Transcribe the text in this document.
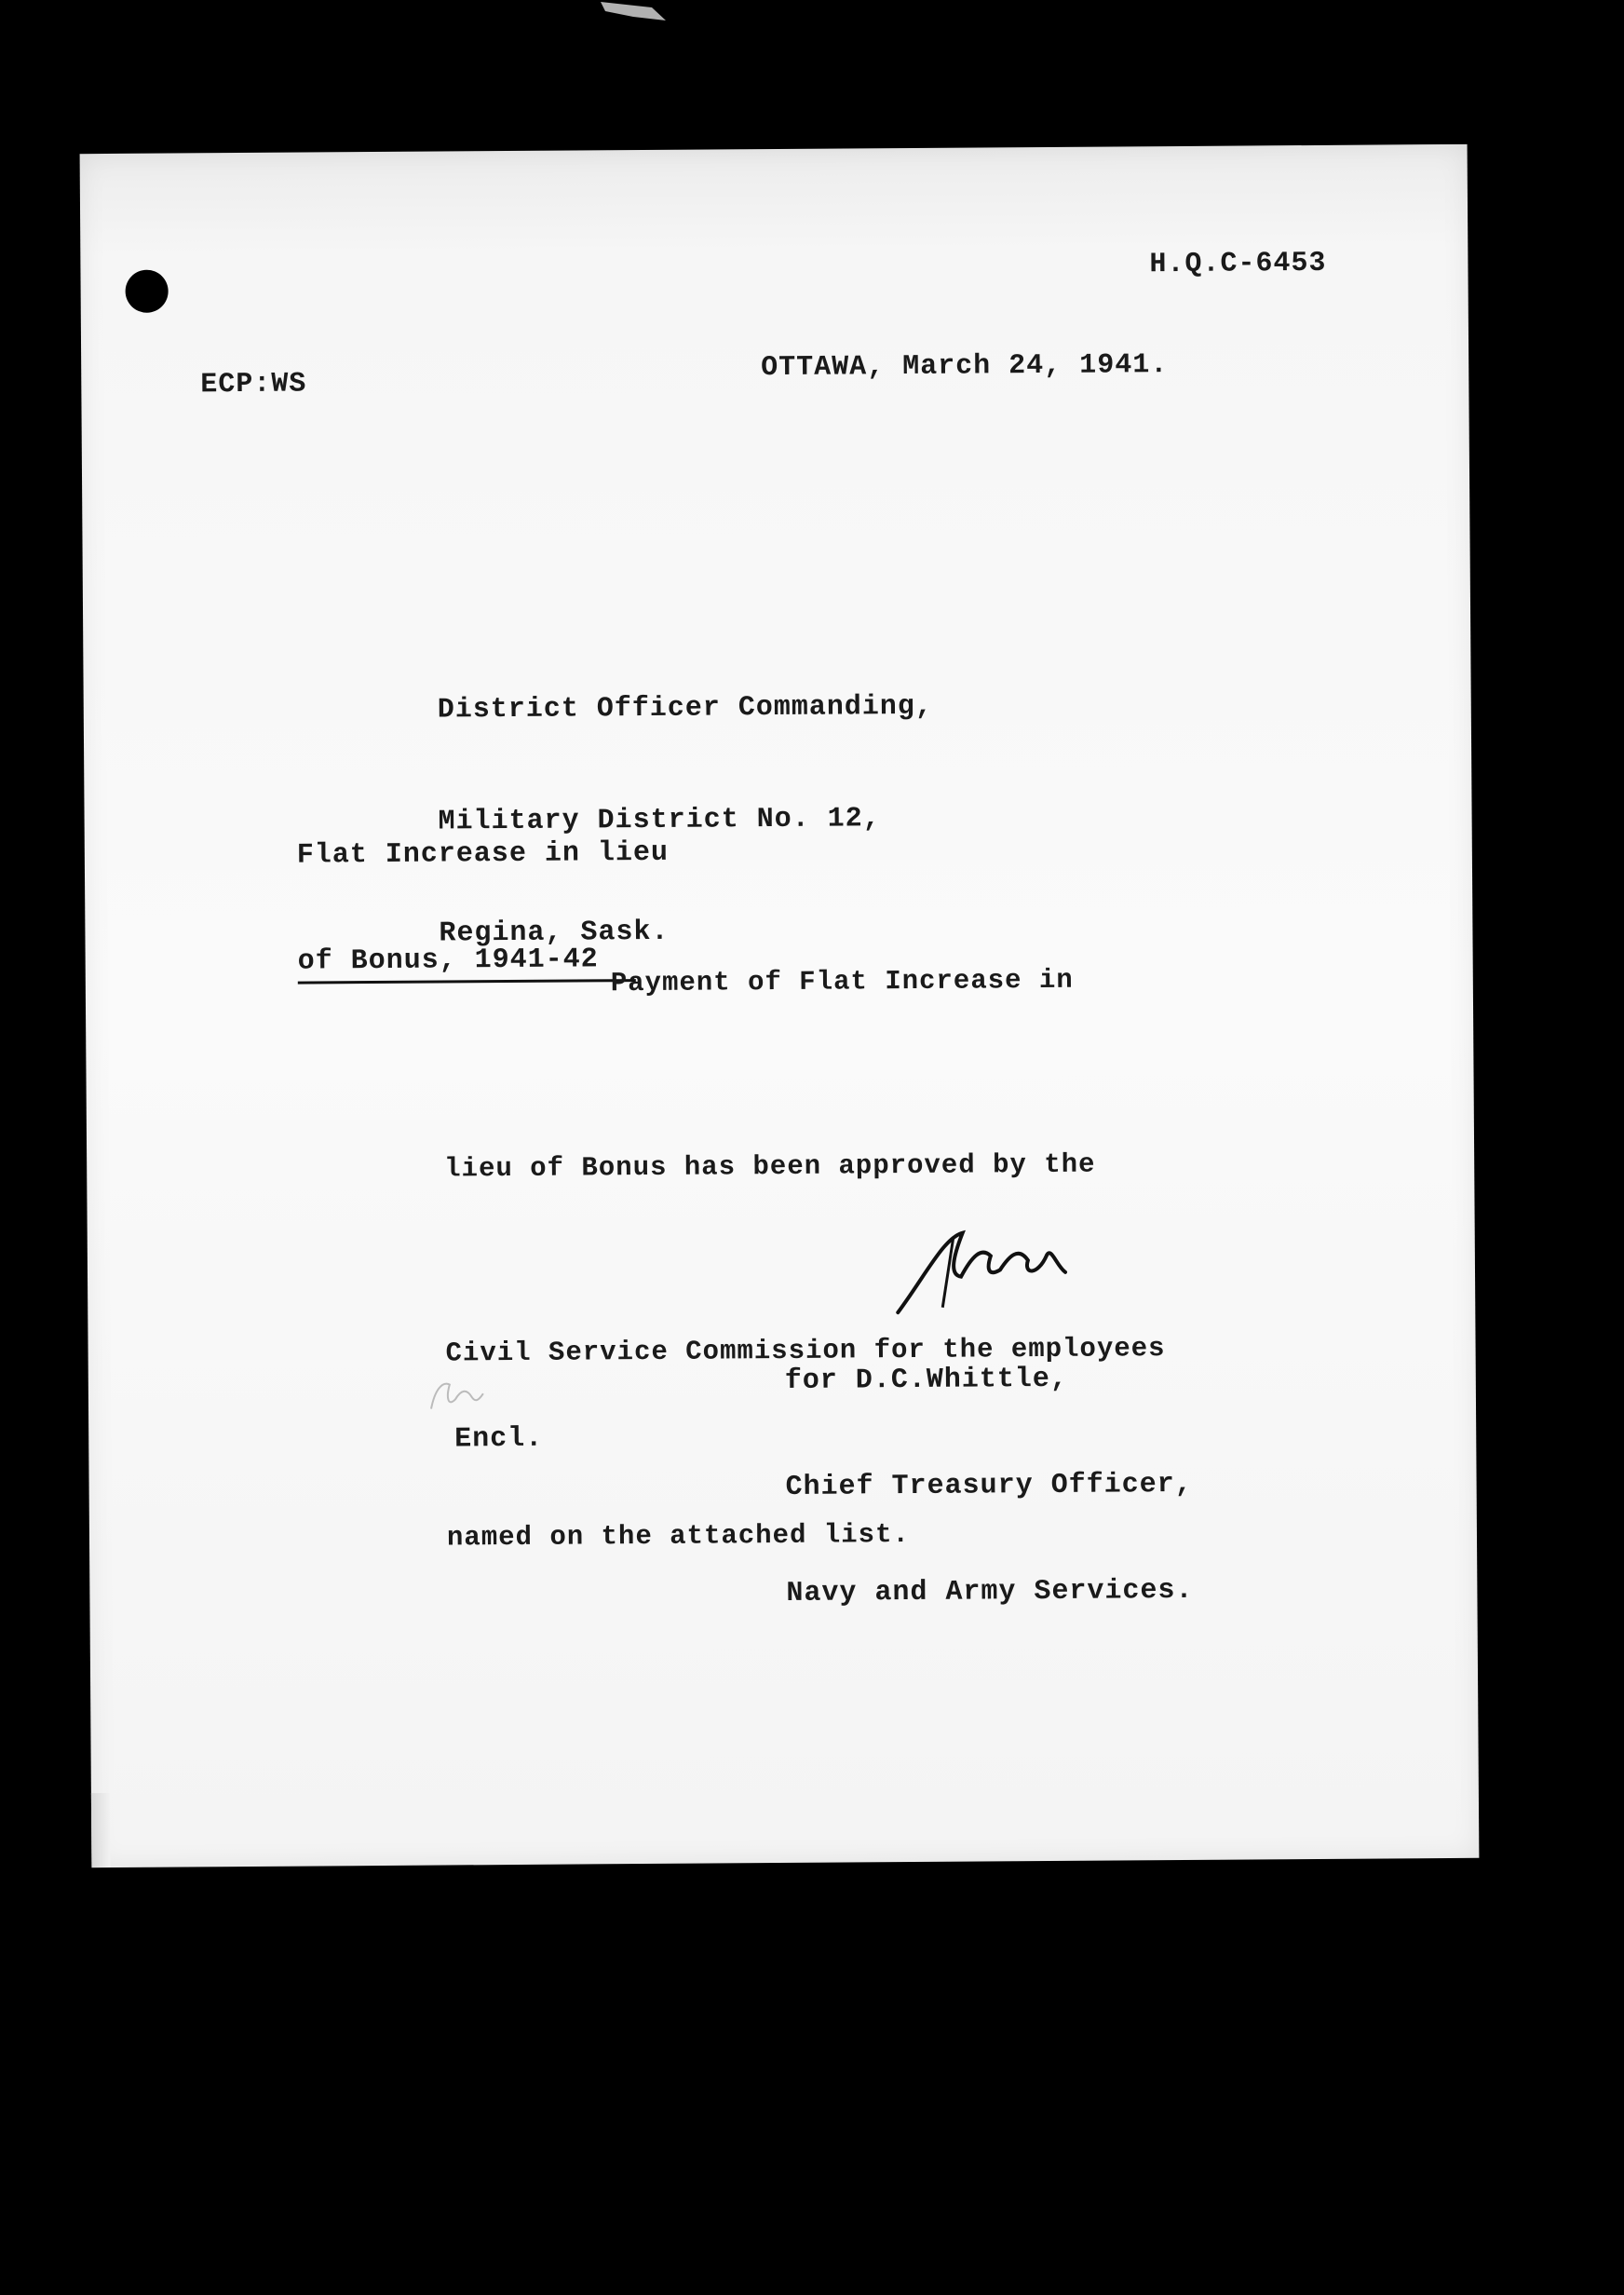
H.Q.C-6453
ECP:WS
OTTAWA, March 24, 1941.

District Officer Commanding,

Military District No. 12,

Regina, Sask.

Flat Increase in lieu

of Bonus, 1941-42

Payment of Flat Increase in

lieu of Bonus has been approved by the

Civil Service Commission for the employees

named on the attached list.

for D.C.Whittle,

Chief Treasury Officer,

Navy and Army Services.

Encl.
